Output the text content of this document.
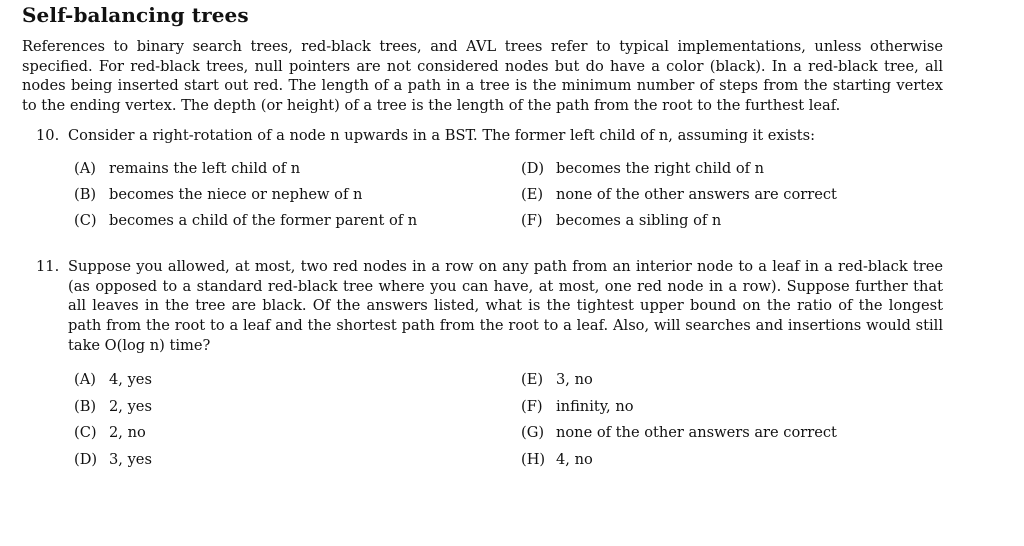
Self-balancing trees
References to binary search trees, red-black trees, and AVL trees refer to typical implementations, unless otherwise specified. For red-black trees, null pointers are not considered nodes but do have a color (black). In a red-black tree, all nodes being inserted start out red. The length of a path in a tree is the minimum number of steps from the starting vertex to the ending vertex. The depth (or height) of a tree is the length of the path from the root to the furthest leaf.
10. Consider a right-rotation of a node n upwards in a BST. The former left child of n, assuming it exists:
(A) remains the left child of n
(B) becomes the niece or nephew of n
(C) becomes a child of the former parent of n
(D) becomes the right child of n
(E) none of the other answers are correct
(F) becomes a sibling of n
11. Suppose you allowed, at most, two red nodes in a row on any path from an interior node to a leaf in a red-black tree (as opposed to a standard red-black tree where you can have, at most, one red node in a row). Suppose further that all leaves in the tree are black. Of the answers listed, what is the tightest upper bound on the ratio of the longest path from the root to a leaf and the shortest path from the root to a leaf. Also, will searches and insertions would still take O(log n) time?
(A) 4, yes
(B) 2, yes
(C) 2, no
(D) 3, yes
(E) 3, no
(F) infinity, no
(G) none of the other answers are correct
(H) 4, no
